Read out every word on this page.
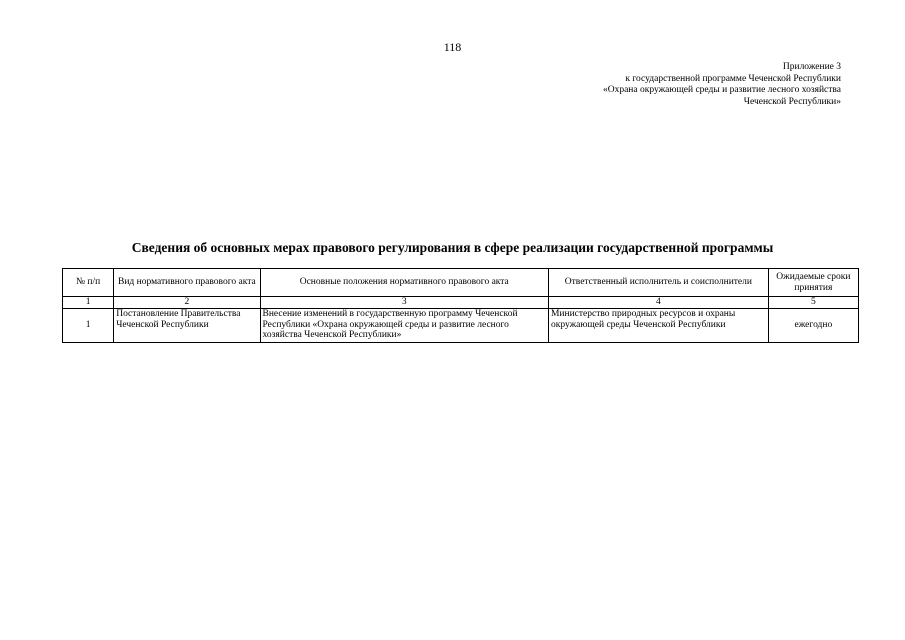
118
Приложение 3
к государственной программе Чеченской Республики
«Охрана окружающей среды и развитие лесного хозяйства
Чеченской Республики»
Сведения об основных мерах правового регулирования в сфере реализации государственной программы
№ п/п	Вид нормативного правового акта	Основные положения нормативного правового акта	Ответственный исполнитель и соисполнители	Ожидаемые сроки принятия
1	2	3	4	5
1	Постановление Правительства Чеченской Республики	Внесение изменений в государственную программу Чеченской Республики «Охрана окружающей среды и развитие лесного хозяйства Чеченской Республики»	Министерство природных ресурсов и охраны окружающей среды Чеченской Республики	ежегодно
